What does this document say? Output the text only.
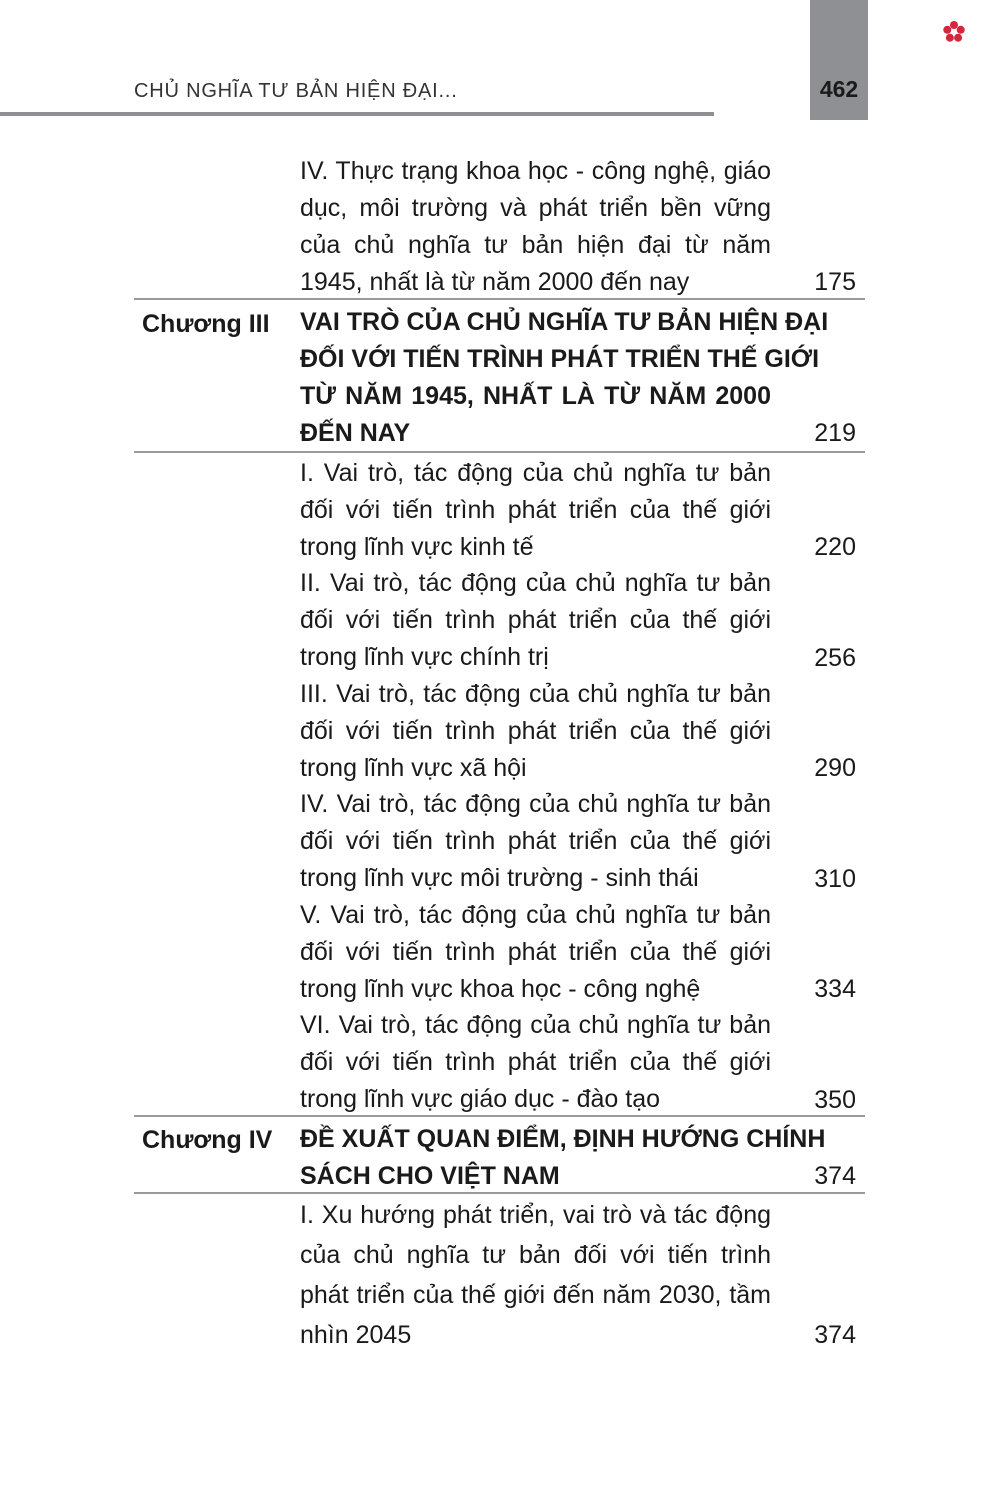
462
CHỦ NGHĨA TƯ BẢN HIỆN ĐẠI...
IV. Thực trạng khoa học - công nghệ, giáo
dục, môi trường và phát triển bền vững
của chủ nghĩa tư bản hiện đại từ năm
1945, nhất là từ năm 2000 đến nay	175
Chương III VAI TRÒ CỦA CHỦ NGHĨA TƯ BẢN HIỆN ĐẠI
ĐỐI VỚI TIẾN TRÌNH PHÁT TRIỂN THẾ GIỚI
TỪ NĂM 1945, NHẤT LÀ TỪ NĂM 2000
ĐẾN NAY	219
I. Vai trò, tác động của chủ nghĩa tư bản
đối với tiến trình phát triển của thế giới
trong lĩnh vực kinh tế	220
II. Vai trò, tác động của chủ nghĩa tư bản
đối với tiến trình phát triển của thế giới
trong lĩnh vực chính trị	256
III. Vai trò, tác động của chủ nghĩa tư bản
đối với tiến trình phát triển của thế giới
trong lĩnh vực xã hội	290
IV. Vai trò, tác động của chủ nghĩa tư bản
đối với tiến trình phát triển của thế giới
trong lĩnh vực môi trường - sinh thái	310
V. Vai trò, tác động của chủ nghĩa tư bản
đối với tiến trình phát triển của thế giới
trong lĩnh vực khoa học - công nghệ	334
VI. Vai trò, tác động của chủ nghĩa tư bản
đối với tiến trình phát triển của thế giới
trong lĩnh vực giáo dục - đào tạo	350
Chương IV ĐỀ XUẤT QUAN ĐIỂM, ĐỊNH HƯỚNG CHÍNH
SÁCH CHO VIỆT NAM	374
I. Xu hướng phát triển, vai trò và tác động
của chủ nghĩa tư bản đối với tiến trình
phát triển của thế giới đến năm 2030, tầm
nhìn 2045	374
